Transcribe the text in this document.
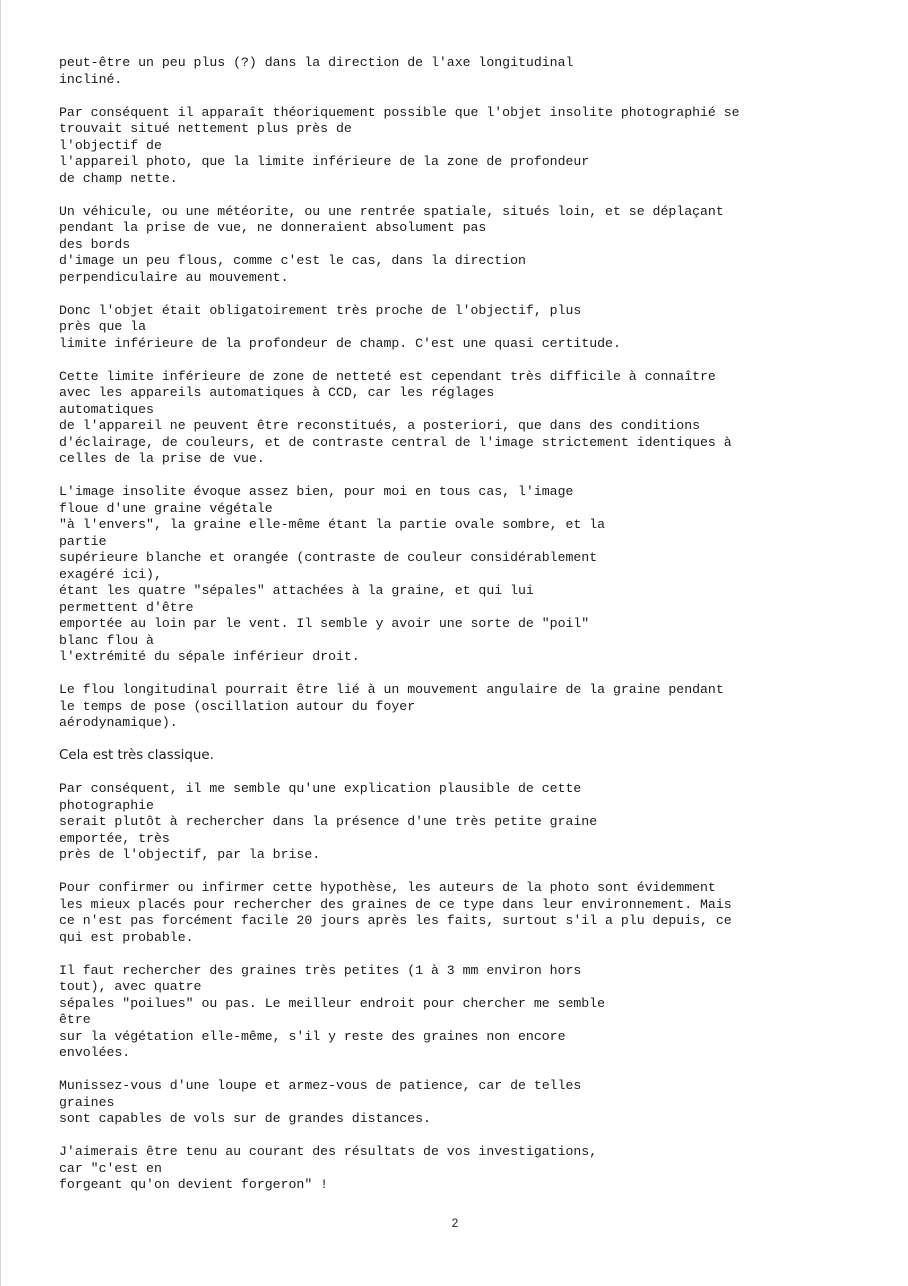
peut-être un peu plus (?) dans la direction de l'axe longitudinal
incliné.
Par conséquent il apparaît théoriquement possible que l'objet insolite photographié se
trouvait situé nettement plus près de
l'objectif de
l'appareil photo, que la limite inférieure de la zone de profondeur
de champ nette.
Un véhicule, ou une météorite, ou une rentrée spatiale, situés loin, et se déplaçant
pendant la prise de vue, ne donneraient absolument pas
des bords
d'image un peu flous, comme c'est le cas, dans la direction
perpendiculaire au mouvement.
Donc l'objet était obligatoirement très proche de l'objectif, plus
près que la
limite inférieure de la profondeur de champ. C'est une quasi certitude.
Cette limite inférieure de zone de netteté est cependant très difficile à connaître
avec les appareils automatiques à CCD, car les réglages
automatiques
de l'appareil ne peuvent être reconstitués, a posteriori, que dans des conditions
d'éclairage, de couleurs, et de contraste central de l'image strictement identiques à
celles de la prise de vue.
L'image insolite évoque assez bien, pour moi en tous cas, l'image
floue d'une graine végétale
"à l'envers", la graine elle-même étant la partie ovale sombre, et la
partie
supérieure blanche et orangée (contraste de couleur considérablement
exagéré ici),
étant les quatre "sépales" attachées à la graine, et qui lui
permettent d'être
emportée au loin par le vent. Il semble y avoir une sorte de "poil"
blanc flou à
l'extrémité du sépale inférieur droit.
Le flou longitudinal pourrait être lié à un mouvement angulaire de la graine pendant
le temps de pose (oscillation autour du foyer
aérodynamique).
Cela est très classique.
Par conséquent, il me semble qu'une explication plausible de cette
photographie
serait plutôt à rechercher dans la présence d'une très petite graine
emportée, très
près de l'objectif, par la brise.
Pour confirmer ou infirmer cette hypothèse, les auteurs de la photo sont évidemment
les mieux placés pour rechercher des graines de ce type dans leur environnement. Mais
ce n'est pas forcément facile 20 jours après les faits, surtout s'il a plu depuis, ce
qui est probable.
Il faut rechercher des graines très petites (1 à 3 mm environ hors
tout), avec quatre
sépales "poilues" ou pas. Le meilleur endroit pour chercher me semble
être
sur la végétation elle-même, s'il y reste des graines non encore
envolées.
Munissez-vous d'une loupe et armez-vous de patience, car de telles
graines
sont capables de vols sur de grandes distances.
J'aimerais être tenu au courant des résultats de vos investigations,
car "c'est en
forgeant qu'on devient forgeron" !
2
